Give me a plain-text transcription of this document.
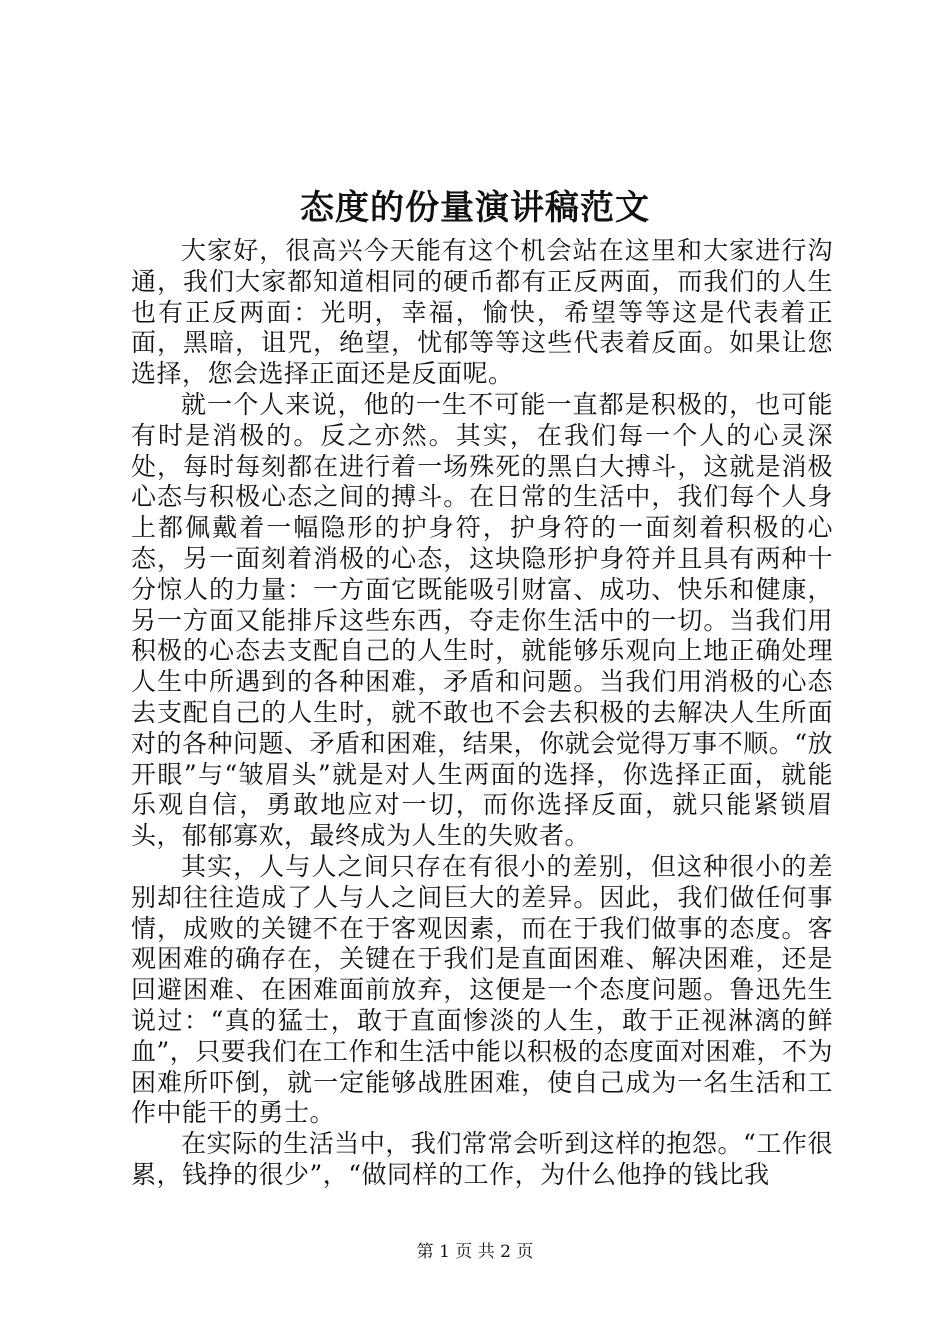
态度的份量演讲稿范文

大家好，很高兴今天能有这个机会站在这里和大家进行沟通，我们大家都知道相同的硬币都有正反两面，而我们的人生也有正反两面：光明，幸福，愉快，希望等等这是代表着正面，黑暗，诅咒，绝望，忧郁等等这些代表着反面。如果让您选择，您会选择正面还是反面呢。

就一个人来说，他的一生不可能一直都是积极的，也可能有时是消极的。反之亦然。其实，在我们每一个人的心灵深处，每时每刻都在进行着一场殊死的黑白大搏斗，这就是消极心态与积极心态之间的搏斗。在日常的生活中，我们每个人身上都佩戴着一幅隐形的护身符，护身符的一面刻着积极的心态，另一面刻着消极的心态，这块隐形护身符并且具有两种十分惊人的力量：一方面它既能吸引财富、成功、快乐和健康，另一方面又能排斥这些东西，夺走你生活中的一切。当我们用积极的心态去支配自己的人生时，就能够乐观向上地正确处理人生中所遇到的各种困难，矛盾和问题。当我们用消极的心态去支配自己的人生时，就不敢也不会去积极的去解决人生所面对的各种问题、矛盾和困难，结果，你就会觉得万事不顺。“放开眼”与“皱眉头”就是对人生两面的选择，你选择正面，就能乐观自信，勇敢地应对一切，而你选择反面，就只能紧锁眉头，郁郁寡欢，最终成为人生的失败者。

其实，人与人之间只存在有很小的差别，但这种很小的差别却往往造成了人与人之间巨大的差异。因此，我们做任何事情，成败的关键不在于客观因素，而在于我们做事的态度。客观困难的确存在，关键在于我们是直面困难、解决困难，还是回避困难、在困难面前放弃，这便是一个态度问题。鲁迅先生说过：“真的猛士，敢于直面惨淡的人生，敢于正视淋漓的鲜血”，只要我们在工作和生活中能以积极的态度面对困难，不为困难所吓倒，就一定能够战胜困难，使自己成为一名生活和工作中能干的勇士。

在实际的生活当中，我们常常会听到这样的抱怨。“工作很累，钱挣的很少”，“做同样的工作，为什么他挣的钱比我

第 1 页 共 2 页
